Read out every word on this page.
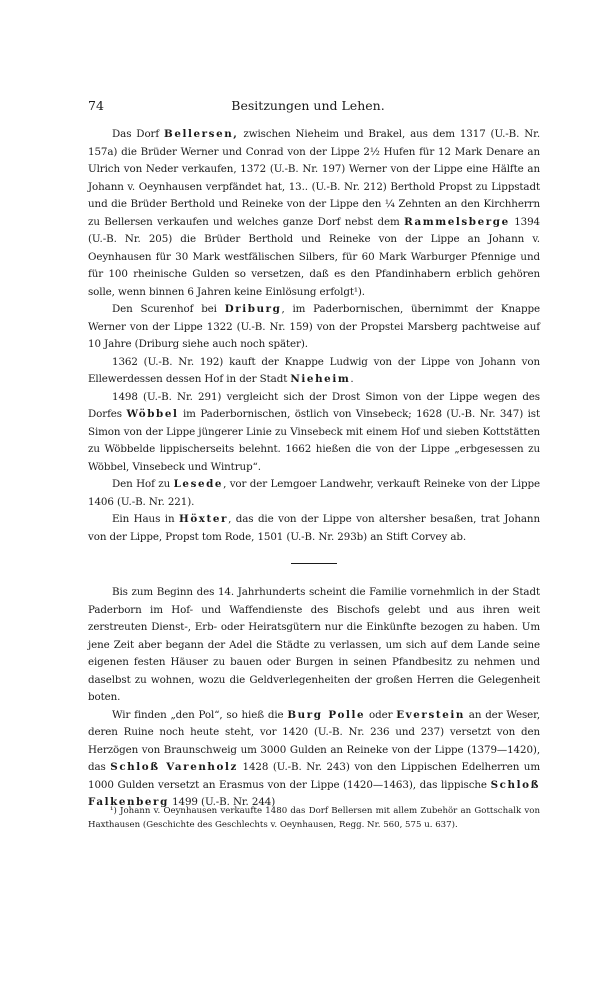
74	Besitzungen und Lehen.

Das Dorf Bellersen, zwischen Nieheim und Brakel, aus dem 1317 (U.-B. Nr. 157a) die Brüder Werner und Conrad von der Lippe 2½ Hufen für 12 Mark Denare an Ulrich von Neder verkaufen, 1372 (U.-B. Nr. 197) Werner von der Lippe eine Hälfte an Johann v. Oeynhausen verpfändet hat, 13.. (U.-B. Nr. 212) Berthold Propst zu Lippstadt und die Brüder Berthold und Reineke von der Lippe den ¼ Zehnten an den Kirchherrn zu Bellersen verkaufen und welches ganze Dorf nebst dem Rammelsberge 1394 (U.-B. Nr. 205) die Brüder Berthold und Reineke von der Lippe an Johann v. Oeynhausen für 30 Mark westfälischen Silbers, für 60 Mark Warburger Pfennige und für 100 rheinische Gulden so versetzen, daß es den Pfandinhabern erblich gehören solle, wenn binnen 6 Jahren keine Einlösung erfolgt¹).

Den Scurenhof bei Driburg, im Paderbornischen, übernimmt der Knappe Werner von der Lippe 1322 (U.-B. Nr. 159) von der Propstei Marsberg pachtweise auf 10 Jahre (Driburg siehe auch noch später).

1362 (U.-B. Nr. 192) kauft der Knappe Ludwig von der Lippe von Johann von Ellewerdessen dessen Hof in der Stadt Nieheim.

1498 (U.-B. Nr. 291) vergleicht sich der Drost Simon von der Lippe wegen des Dorfes Wöbbel im Paderbornischen, östlich von Vinsebeck; 1628 (U.-B. Nr. 347) ist Simon von der Lippe jüngerer Linie zu Vinsebeck mit einem Hof und sieben Kottstätten zu Wöbbelde lippischerseits belehnt. 1662 hießen die von der Lippe „erbgesessen zu Wöbbel, Vinsebeck und Wintrup“.

Den Hof zu Lesede, vor der Lemgoer Landwehr, verkauft Reineke von der Lippe 1406 (U.-B. Nr. 221).

Ein Haus in Höxter, das die von der Lippe von altersher besaßen, trat Johann von der Lippe, Propst tom Rode, 1501 (U.-B. Nr. 293b) an Stift Corvey ab.

Bis zum Beginn des 14. Jahrhunderts scheint die Familie vornehmlich in der Stadt Paderborn im Hof- und Waffendienste des Bischofs gelebt und aus ihren weit zerstreuten Dienst-, Erb- oder Heiratsgütern nur die Einkünfte bezogen zu haben. Um jene Zeit aber begann der Adel die Städte zu verlassen, um sich auf dem Lande seine eigenen festen Häuser zu bauen oder Burgen in seinen Pfandbesitz zu nehmen und daselbst zu wohnen, wozu die Geldverlegenheiten der großen Herren die Gelegenheit boten.

Wir finden „den Pol“, so hieß die Burg Polle oder Everstein an der Weser, deren Ruine noch heute steht, vor 1420 (U.-B. Nr. 236 und 237) versetzt von den Herzögen von Braunschweig um 3000 Gulden an Reineke von der Lippe (1379—1420), das Schloß Varenholz 1428 (U.-B. Nr. 243) von den Lippischen Edelherren um 1000 Gulden versetzt an Erasmus von der Lippe (1420—1463), das lippische Schloß Falkenberg 1499 (U.-B. Nr. 244)

¹) Johann v. Oeynhausen verkaufte 1480 das Dorf Bellersen mit allem Zubehör an Gottschalk von Haxthausen (Geschichte des Geschlechts v. Oeynhausen, Regg. Nr. 560, 575 u. 637).
